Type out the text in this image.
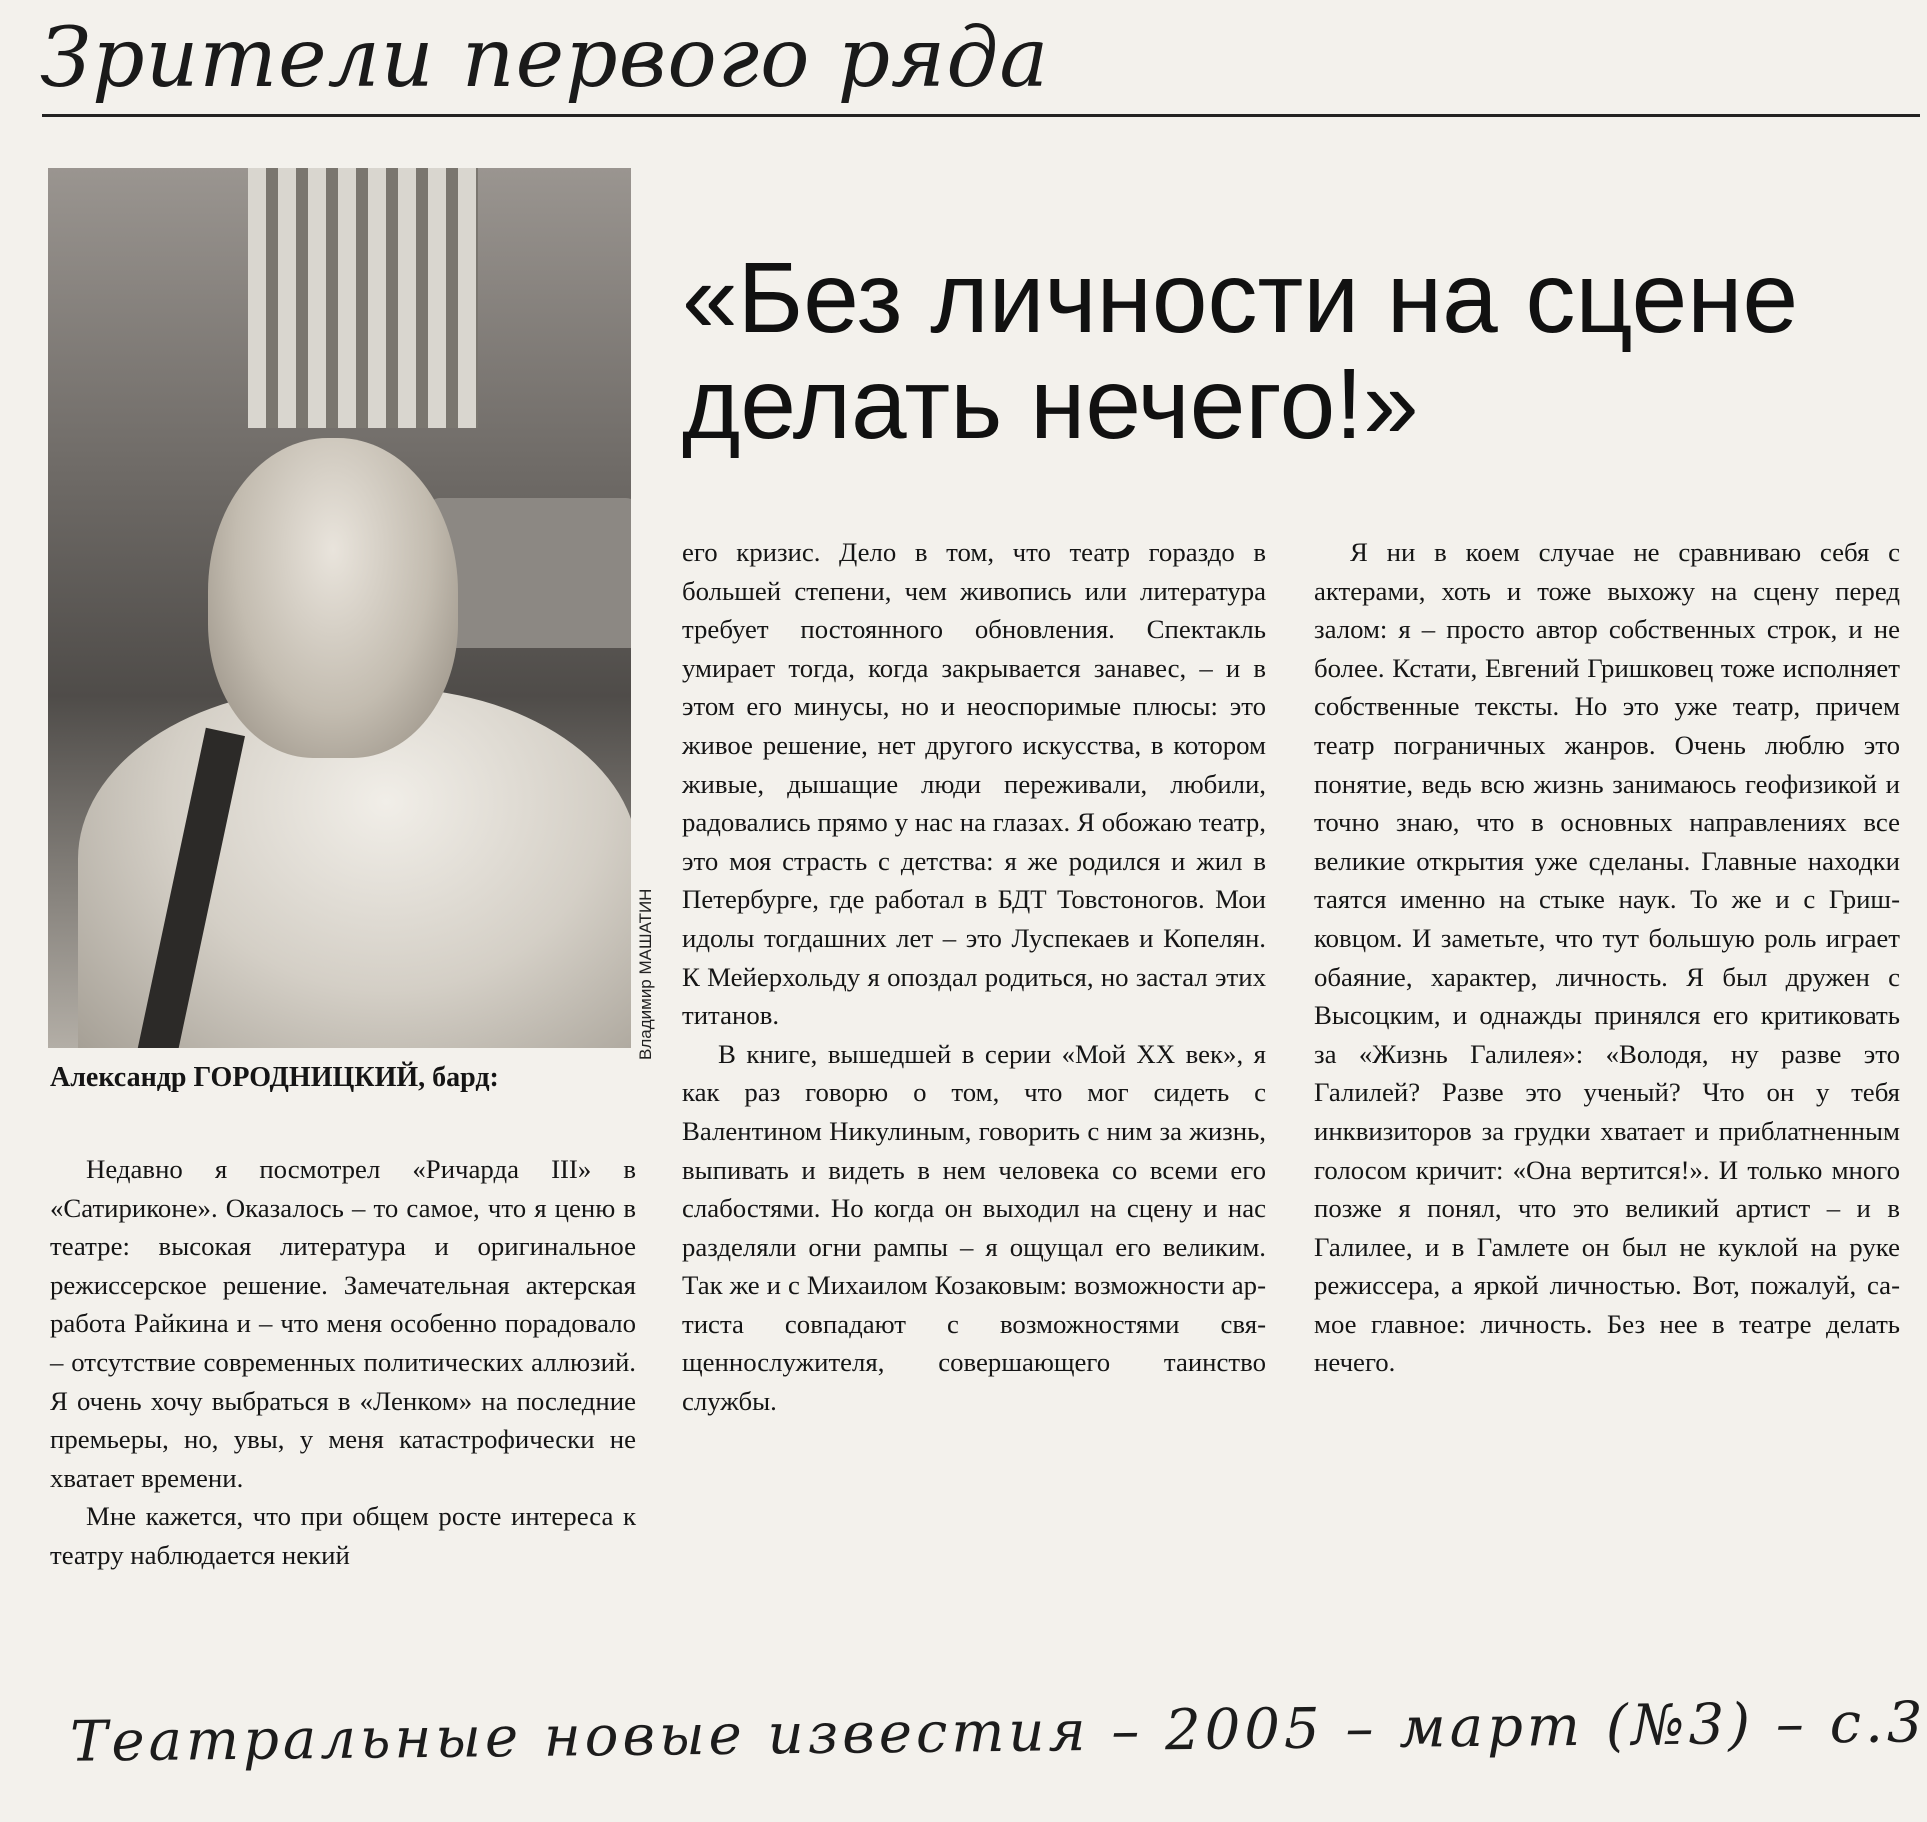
Зрители первого ряда
Владимир МАШАТИН
Александр ГОРОДНИЦКИЙ, бард:
«Без личности на сцене делать нечего!»

Недавно я посмотрел «Ричарда III» в «Сатириконе». Оказалось – то самое, что я ценю в театре: высокая литература и оригинальное режиссерское решение. Замечательная актерская работа Райкина и – что меня особенно порадовало – отсутствие современных политических аллюзий. Я очень хочу выбраться в «Ленком» на последние премьеры, но, увы, у меня катастрофически не хватает времени.

Мне кажется, что при общем росте интереса к театру наблюдается некий

его кризис. Дело в том, что театр гораздо в большей степени, чем живопись или литература требует постоянного обновления. Спектакль умирает тогда, когда закрывается занавес, – и в этом его минусы, но и неоспоримые плюсы: это живое решение, нет другого искусства, в котором живые, дышащие люди переживали, любили, радовались прямо у нас на глазах. Я обожаю театр, это моя страсть с детства: я же родился и жил в Петербурге, где работал в БДТ Товстоногов. Мои идолы тогдашних лет – это Луспекаев и Копелян. К Мейерхольду я опоздал родиться, но застал этих титанов.

В книге, вышедшей в серии «Мой XX век», я как раз говорю о том, что мог сидеть с Валентином Никулиным, говорить с ним за жизнь, выпивать и видеть в нем человека со всеми его слабостями. Но когда он выходил на сцену и нас разделяли огни рампы – я ощущал его великим. Так же и с Михаилом Козаковым: возможности артиста совпадают с возможностями священнослужителя, совершающего таинство службы.

Я ни в коем случае не сравниваю себя с актерами, хоть и тоже выхожу на сцену перед залом: я – просто автор собственных строк, и не более. Кстати, Евгений Гришковец тоже исполняет собственные тексты. Но это уже театр, причем театр пограничных жанров. Очень люблю это понятие, ведь всю жизнь занимаюсь геофизикой и точно знаю, что в основных направлениях все великие открытия уже сделаны. Главные находки таятся именно на стыке наук. То же и с Гришковцом. И заметьте, что тут большую роль играет обаяние, характер, личность. Я был дружен с Высоцким, и однажды принялся его критиковать за «Жизнь Галилея»: «Володя, ну разве это Галилей? Разве это ученый? Что он у тебя инквизиторов за грудки хватает и приблатненным голосом кричит: «Она вертится!». И только много позже я понял, что это великий артист – и в Галилее, и в Гамлете он был не куклой на руке режиссера, а яркой личностью. Вот, пожалуй, самое главное: личность. Без нее в театре делать нечего.

Театральные новые известия – 2005 – март (№3) – с.3
